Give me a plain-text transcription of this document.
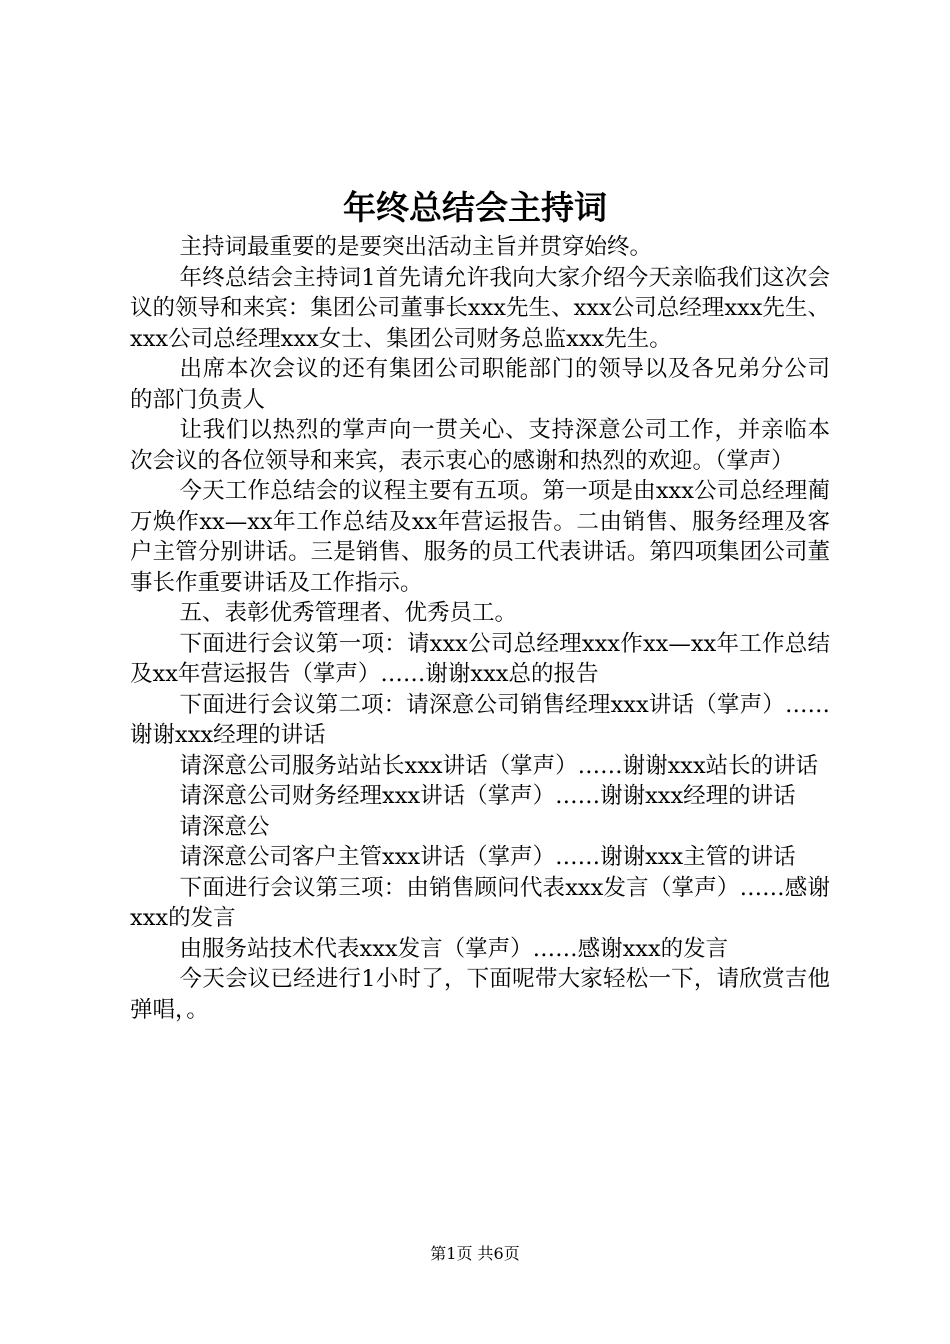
年终总结会主持词

主持词最重要的是要突出活动主旨并贯穿始终。

年终总结会主持词1首先请允许我向大家介绍今天亲临我们这次会议的领导和来宾：集团公司董事长xxx先生、xxx公司总经理xxx先生、xxx公司总经理xxx女士、集团公司财务总监xxx先生。

出席本次会议的还有集团公司职能部门的领导以及各兄弟分公司的部门负责人

让我们以热烈的掌声向一贯关心、支持深意公司工作，并亲临本次会议的各位领导和来宾，表示衷心的感谢和热烈的欢迎。（掌声）

今天工作总结会的议程主要有五项。第一项是由xxx公司总经理蔺万焕作xx—xx年工作总结及xx年营运报告。二由销售、服务经理及客户主管分别讲话。三是销售、服务的员工代表讲话。第四项集团公司董事长作重要讲话及工作指示。

五、表彰优秀管理者、优秀员工。

下面进行会议第一项：请xxx公司总经理xxx作xx—xx年工作总结及xx年营运报告（掌声）……谢谢xxx总的报告

下面进行会议第二项：请深意公司销售经理xxx讲话（掌声）……谢谢xxx经理的讲话

请深意公司服务站站长xxx讲话（掌声）……谢谢xxx站长的讲话

请深意公司财务经理xxx讲话（掌声）……谢谢xxx经理的讲话

请深意公

请深意公司客户主管xxx讲话（掌声）……谢谢xxx主管的讲话

下面进行会议第三项：由销售顾问代表xxx发言（掌声）……感谢xxx的发言

由服务站技术代表xxx发言（掌声）……感谢xxx的发言

今天会议已经进行1小时了，下面呢带大家轻松一下，请欣赏吉他弹唱，。

第1页 共6页
